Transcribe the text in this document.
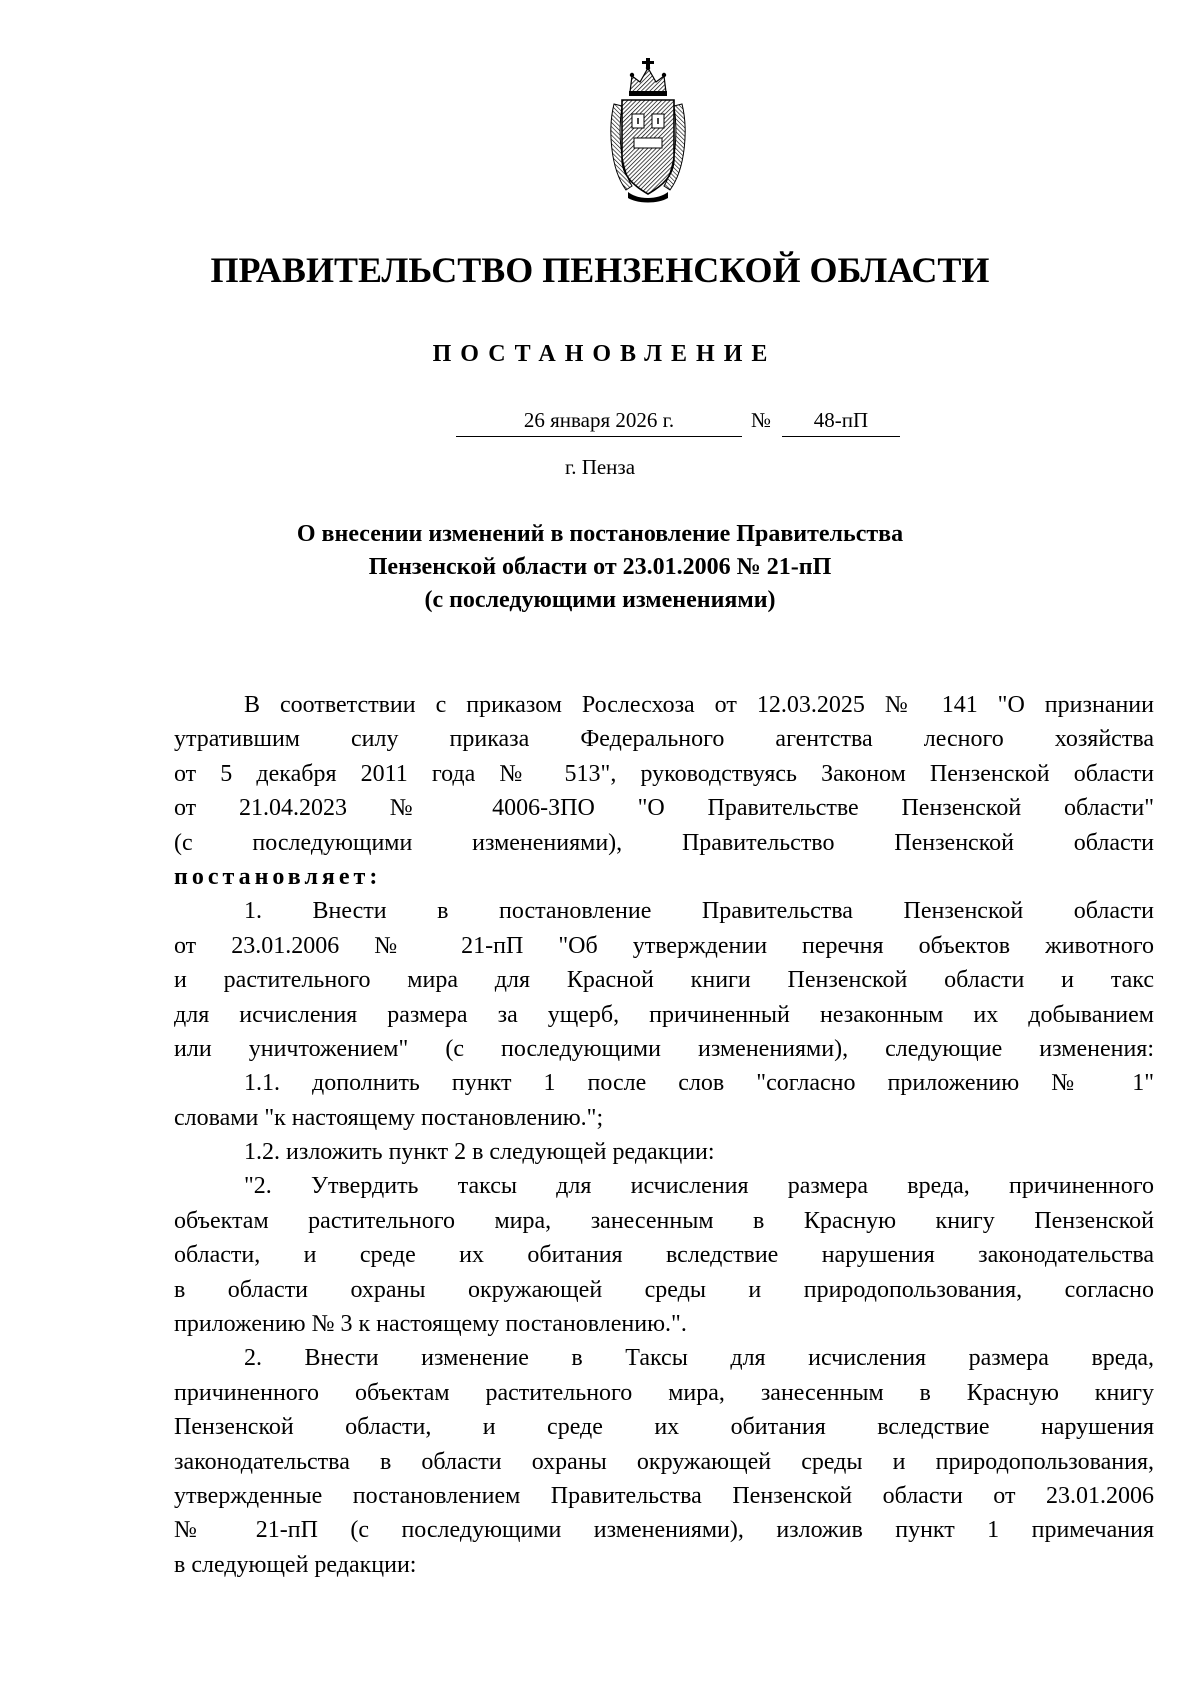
ПРАВИТЕЛЬСТВО ПЕНЗЕНСКОЙ ОБЛАСТИ
ПОСТАНОВЛЕНИЕ
26 января 2026 г.	№	48-пП
г. Пенза
О внесении изменений в постановление Правительства
Пензенской области от 23.01.2006 № 21-пП
(с последующими изменениями)
В соответствии с приказом Рослесхоза от 12.03.2025 № 141 "О признании
утратившим силу приказа Федерального агентства лесного хозяйства
от 5 декабря 2011 года № 513", руководствуясь Законом Пензенской области
от 21.04.2023 № 4006-ЗПО "О Правительстве Пензенской области"
(с последующими изменениями), Правительство Пензенской области
постановляет:
1. Внести в постановление Правительства Пензенской области
от 23.01.2006 № 21-пП "Об утверждении перечня объектов животного
и растительного мира для Красной книги Пензенской области и такс
для исчисления размера за ущерб, причиненный незаконным их добыванием
или уничтожением" (с последующими изменениями), следующие изменения:
1.1. дополнить пункт 1 после слов "согласно приложению № 1"
словами "к настоящему постановлению.";
1.2. изложить пункт 2 в следующей редакции:
"2. Утвердить таксы для исчисления размера вреда, причиненного
объектам растительного мира, занесенным в Красную книгу Пензенской
области, и среде их обитания вследствие нарушения законодательства
в области охраны окружающей среды и природопользования, согласно
приложению № 3 к настоящему постановлению.".
2. Внести изменение в Таксы для исчисления размера вреда,
причиненного объектам растительного мира, занесенным в Красную книгу
Пензенской области, и среде их обитания вследствие нарушения
законодательства в области охраны окружающей среды и природопользования,
утвержденные постановлением Правительства Пензенской области от 23.01.2006
№ 21-пП (с последующими изменениями), изложив пункт 1 примечания
в следующей редакции:
